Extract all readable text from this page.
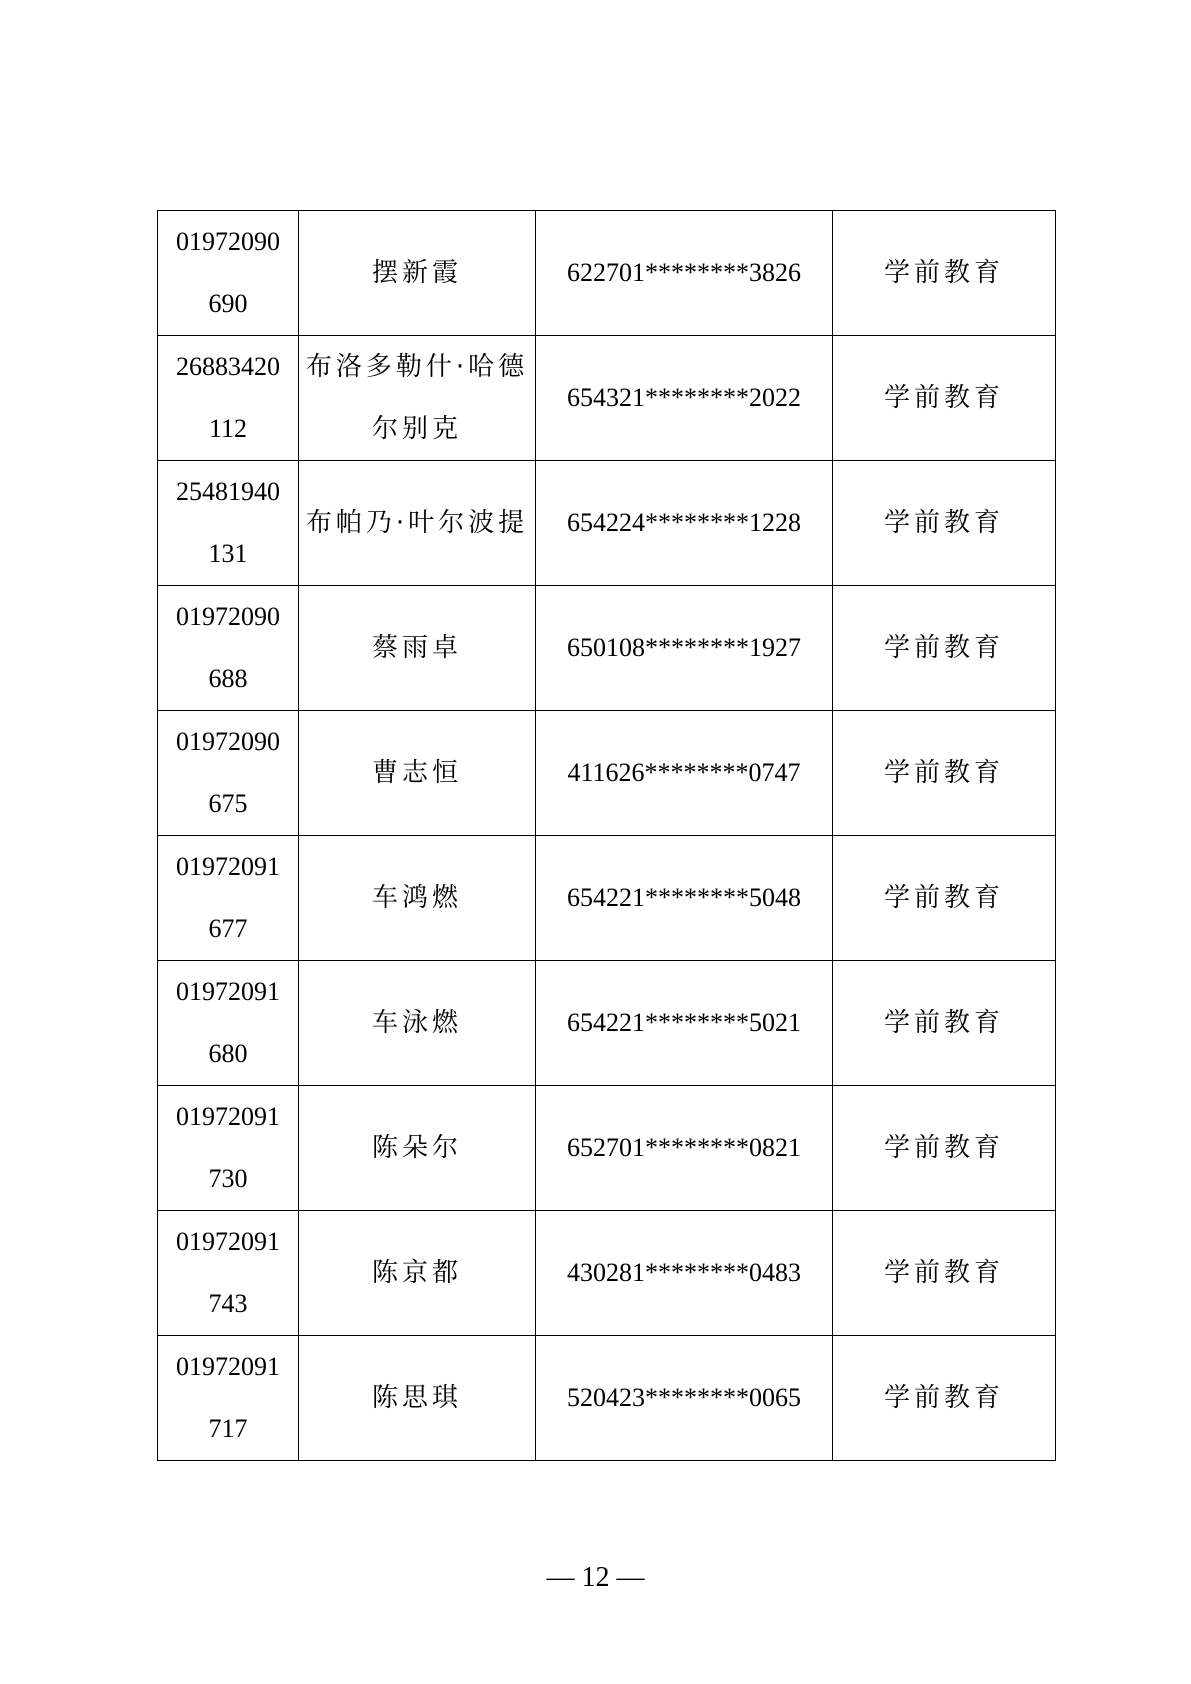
01972090
690	摆新霞	622701********3826	学前教育

26883420
112	布洛多勒什·哈德
尔别克	654321********2022	学前教育

25481940
131	布帕乃·叶尔波提	654224********1228	学前教育

01972090
688	蔡雨卓	650108********1927	学前教育

01972090
675	曹志恒	411626********0747	学前教育

01972091
677	车鸿燃	654221********5048	学前教育

01972091
680	车泳燃	654221********5021	学前教育

01972091
730	陈朵尔	652701********0821	学前教育

01972091
743	陈京都	430281********0483	学前教育

01972091
717	陈思琪	520423********0065	学前教育
— 12 —
